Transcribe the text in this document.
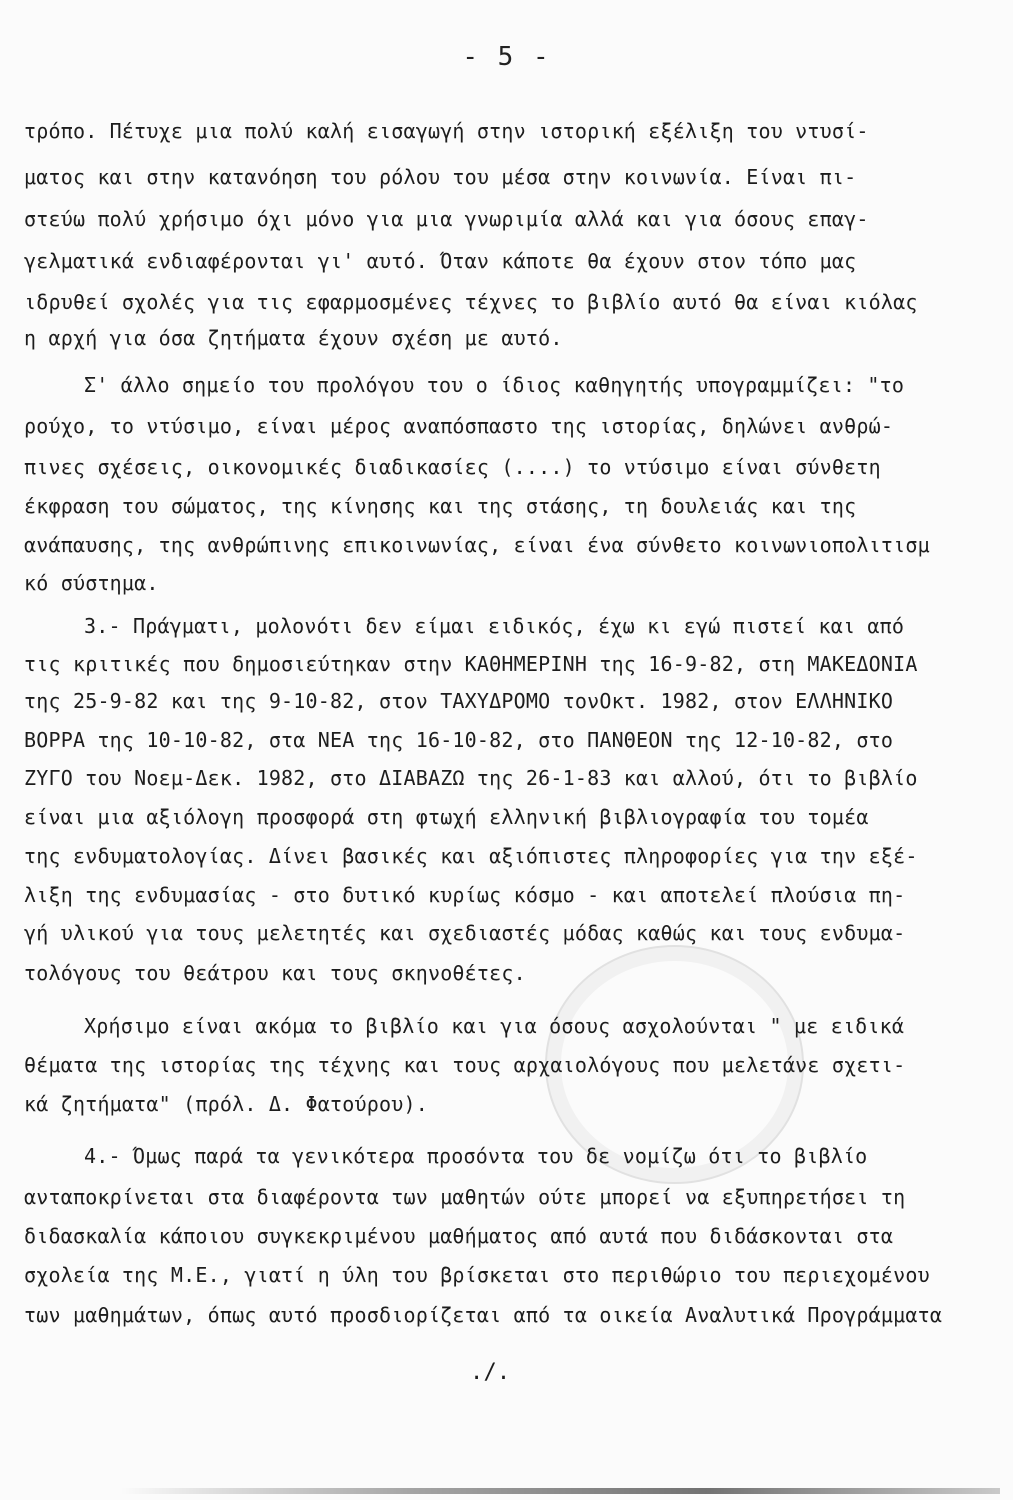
- 5 -
τρόπο. Πέτυχε μια πολύ καλή εισαγωγή στην ιστορική εξέλιξη του ντυσί-
ματος και στην κατανόηση του ρόλου του μέσα στην κοινωνία. Είναι πι-
στεύω πολύ χρήσιμο όχι μόνο για μια γνωριμία αλλά και για όσους επαγ-
γελματικά ενδιαφέρονται γι' αυτό. Όταν κάποτε θα έχουν στον τόπο μας
ιδρυθεί σχολές για τις εφαρμοσμένες τέχνες το βιβλίο αυτό θα είναι κιόλας
η αρχή για όσα ζητήματα έχουν σχέση με αυτό.
Σ' άλλο σημείο του προλόγου του ο ίδιος καθηγητής υπογραμμίζει: "το
ρούχο, το ντύσιμο, είναι μέρος αναπόσπαστο της ιστορίας, δηλώνει ανθρώ-
πινες σχέσεις, οικονομικές διαδικασίες (....) το ντύσιμο είναι σύνθετη
έκφραση του σώματος, της κίνησης και της στάσης, τη δουλειάς και της
ανάπαυσης, της ανθρώπινης επικοινωνίας, είναι ένα σύνθετο κοινωνιοπολιτισμ
κό σύστημα.
3.- Πράγματι, μολονότι δεν είμαι ειδικός, έχω κι εγώ πιστεί και από
τις κριτικές που δημοσιεύτηκαν στην ΚΑΘΗΜΕΡΙΝΗ της 16-9-82, στη ΜΑΚΕΔΟΝΙΑ
της 25-9-82 και της 9-10-82, στον ΤΑΧΥΔΡΟΜΟ τονΟκτ. 1982, στον ΕΛΛΗΝΙΚΟ
ΒΟΡΡΑ της 10-10-82, στα ΝΕΑ της 16-10-82, στο ΠΑΝΘΕΟΝ της 12-10-82, στο
ΖΥΓΟ του Νοεμ-Δεκ. 1982, στο ΔΙΑΒΑΖΩ της 26-1-83 και αλλού, ότι το βιβλίο
είναι μια αξιόλογη προσφορά στη φτωχή ελληνική βιβλιογραφία του τομέα
της ενδυματολογίας. Δίνει βασικές και αξιόπιστες πληροφορίες για την εξέ-
λιξη της ενδυμασίας - στο δυτικό κυρίως κόσμο - και αποτελεί πλούσια πη-
γή υλικού για τους μελετητές και σχεδιαστές μόδας καθώς και τους ενδυμα-
τολόγους του θεάτρου και τους σκηνοθέτες.
Χρήσιμο είναι ακόμα το βιβλίο και για όσους ασχολούνται " με ειδικά
θέματα της ιστορίας της τέχνης και τους αρχαιολόγους που μελετάνε σχετι-
κά ζητήματα" (πρόλ. Δ. Φατούρου).
4.- Όμως παρά τα γενικότερα προσόντα του δε νομίζω ότι το βιβλίο
ανταποκρίνεται στα διαφέροντα των μαθητών ούτε μπορεί να εξυπηρετήσει τη
διδασκαλία κάποιου συγκεκριμένου μαθήματος από αυτά που διδάσκονται στα
σχολεία της Μ.Ε., γιατί η ύλη του βρίσκεται στο περιθώριο του περιεχομένου
των μαθημάτων, όπως αυτό προσδιορίζεται από τα οικεία Αναλυτικά Προγράμματα
./.
